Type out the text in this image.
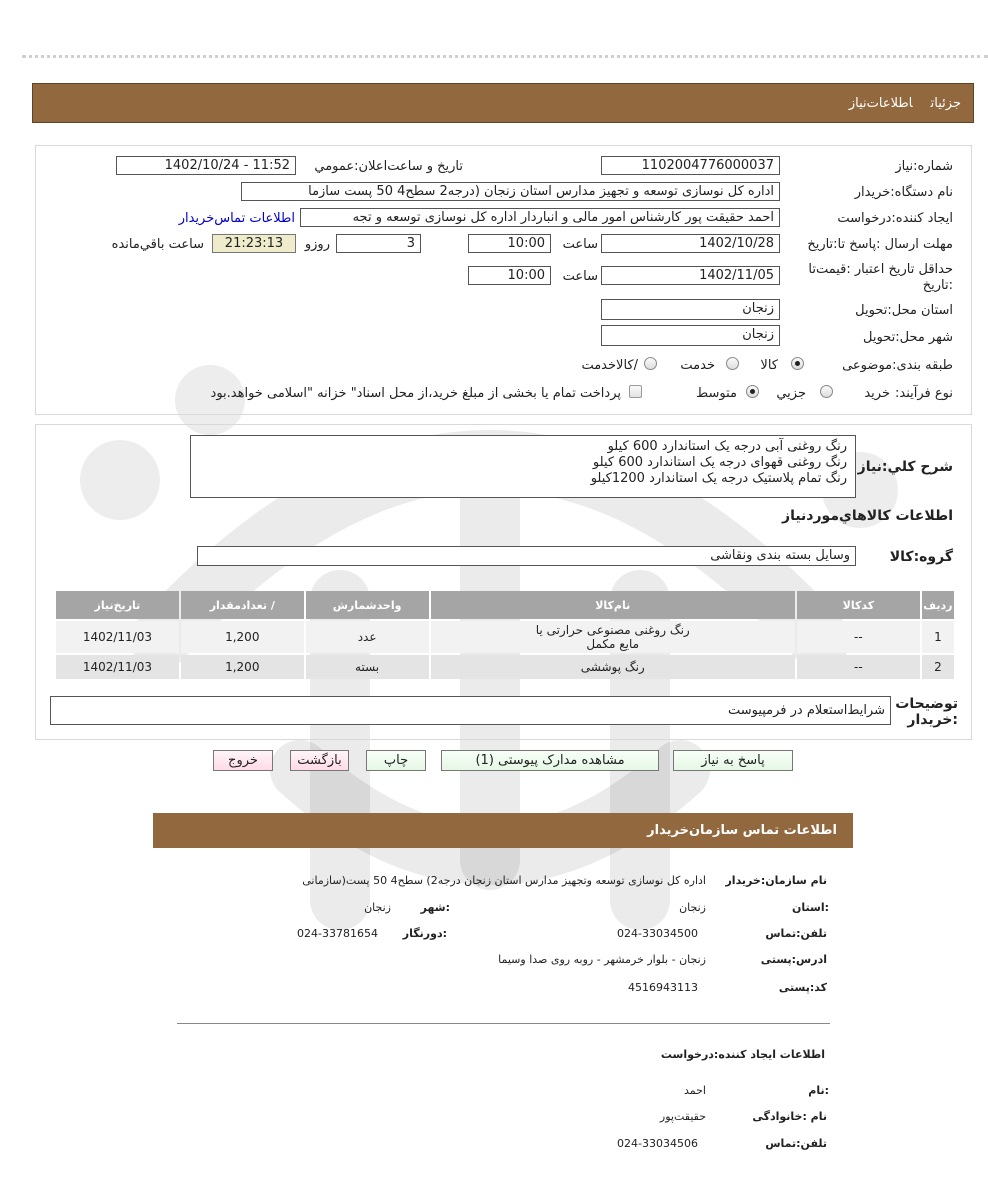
جزئیاتاطلاعات‌نیاز
شماره:نیاز
1102004776000037
تاریخ و ساعت‌اعلان:عمومي
1402/10/24 - 11:52
نام دستگاه:خریدار
اداره کل نوسازی توسعه و تجهیز مدارس استان زنجان (درجه2 سطح4 50 پست سازما
ایجاد کننده:درخواست
احمد حقیقت پور کارشناس امور مالی و انباردار اداره کل نوسازی توسعه و تجه
اطلاعات تماس‌خریدار
مهلت ارسال :پاسخ تا:تاریخ
1402/10/28
ساعت
10:00
3
روزو
21:23:13
ساعت باقي‌مانده
حداقل تاریخ اعتبار :قیمت‌تا
:تاریخ
1402/11/05
ساعت
10:00
استان محل:تحویل
زنجان
شهر محل:تحویل
زنجان
طبقه بندی:موضوعی
کالا
خدمت
/کالاخدمت
نوع فرآیند:
خرید
جزيي
متوسط
پرداخت تمام یا بخشی از مبلغ خرید،از محل اسناد" خزانه "اسلامی خواهد.بود
شرح کلي:نیاز
رنگ روغنی آبی درجه یک استاندارد 600 کیلو
رنگ روغنی قهوای درجه یک استاندارد 600 کیلو
رنگ تمام پلاستیک درجه یک استاندارد 1200کیلو
اطلاعات کالاهاي‌موردنیاز
گروه:کالا
وسایل بسته بندی ونقاشی
ردیف	کدکالا	نام‌کالا	واحدشمارش	/ تعدادمقدار	تاریخ‌نیاز
1	--	رنگ روغنی مصنوعی حرارتی یا مایع مکمل	عدد	1,200	1402/11/03
2	--	رنگ پوششی	بسته	1,200	1402/11/03
توضیحات
:خریدار
شرایط‌استعلام در فرمپیوست
پاسخ به نیاز
مشاهده مدارک پیوستی (1)
چاپ
بازگشت
خروج
اطلاعات تماس سازمان‌خریدار
نام سازمان:خریدار
اداره کل نوسازی توسعه وتجهیز مدارس استان زنجان درجه2) سطح4 50 پست(سازمانی
:استان
زنجان
:شهر
زنجان
تلفن:تماس
024-33034500
:دورنگار
024-33781654
ادرس:پستی
زنجان - بلوار خرمشهر - روبه روی صدا وسیما
کد:پستی
4516943113
اطلاعات ایجاد کننده:درخواست
:نام
احمد
نام :خانوادگی
حقیقت‌پور
تلفن:تماس
024-33034506
